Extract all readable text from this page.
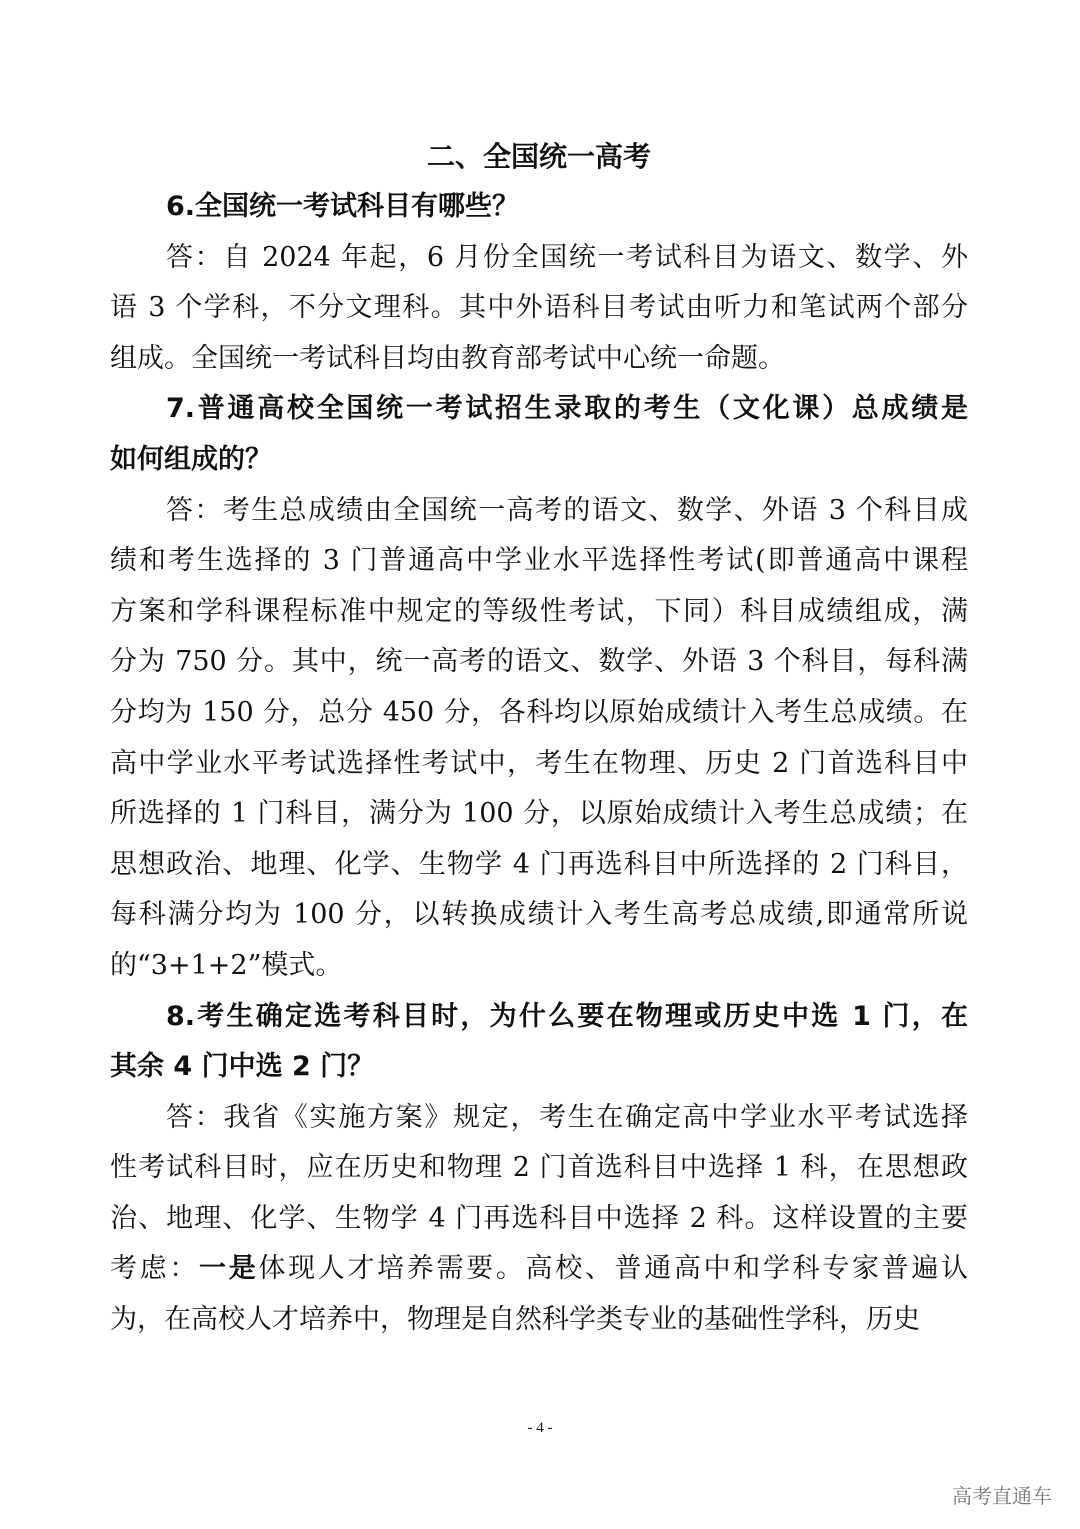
二、全国统一高考
6.全国统一考试科目有哪些？
答：自 2024 年起，6 月份全国统一考试科目为语文、数学、外
语 3 个学科，不分文理科。其中外语科目考试由听力和笔试两个部分
组成。全国统一考试科目均由教育部考试中心统一命题。
7.普通高校全国统一考试招生录取的考生（文化课）总成绩是
如何组成的？
答：考生总成绩由全国统一高考的语文、数学、外语 3 个科目成
绩和考生选择的 3 门普通高中学业水平选择性考试(即普通高中课程
方案和学科课程标准中规定的等级性考试，下同）科目成绩组成，满
分为 750 分。其中，统一高考的语文、数学、外语 3 个科目，每科满
分均为 150 分，总分 450 分，各科均以原始成绩计入考生总成绩。在
高中学业水平考试选择性考试中，考生在物理、历史 2 门首选科目中
所选择的 1 门科目，满分为 100 分，以原始成绩计入考生总成绩；在
思想政治、地理、化学、生物学 4 门再选科目中所选择的 2 门科目，
每科满分均为 100 分，以转换成绩计入考生高考总成绩,即通常所说
的“3+1+2”模式。
8.考生确定选考科目时，为什么要在物理或历史中选 1 门，在
其余 4 门中选 2 门？
答：我省《实施方案》规定，考生在确定高中学业水平考试选择
性考试科目时，应在历史和物理 2 门首选科目中选择 1 科，在思想政
治、地理、化学、生物学 4 门再选科目中选择 2 科。这样设置的主要
考虑：一是体现人才培养需要。高校、普通高中和学科专家普遍认
为，在高校人才培养中，物理是自然科学类专业的基础性学科，历史
- 4 -
高考直通车
